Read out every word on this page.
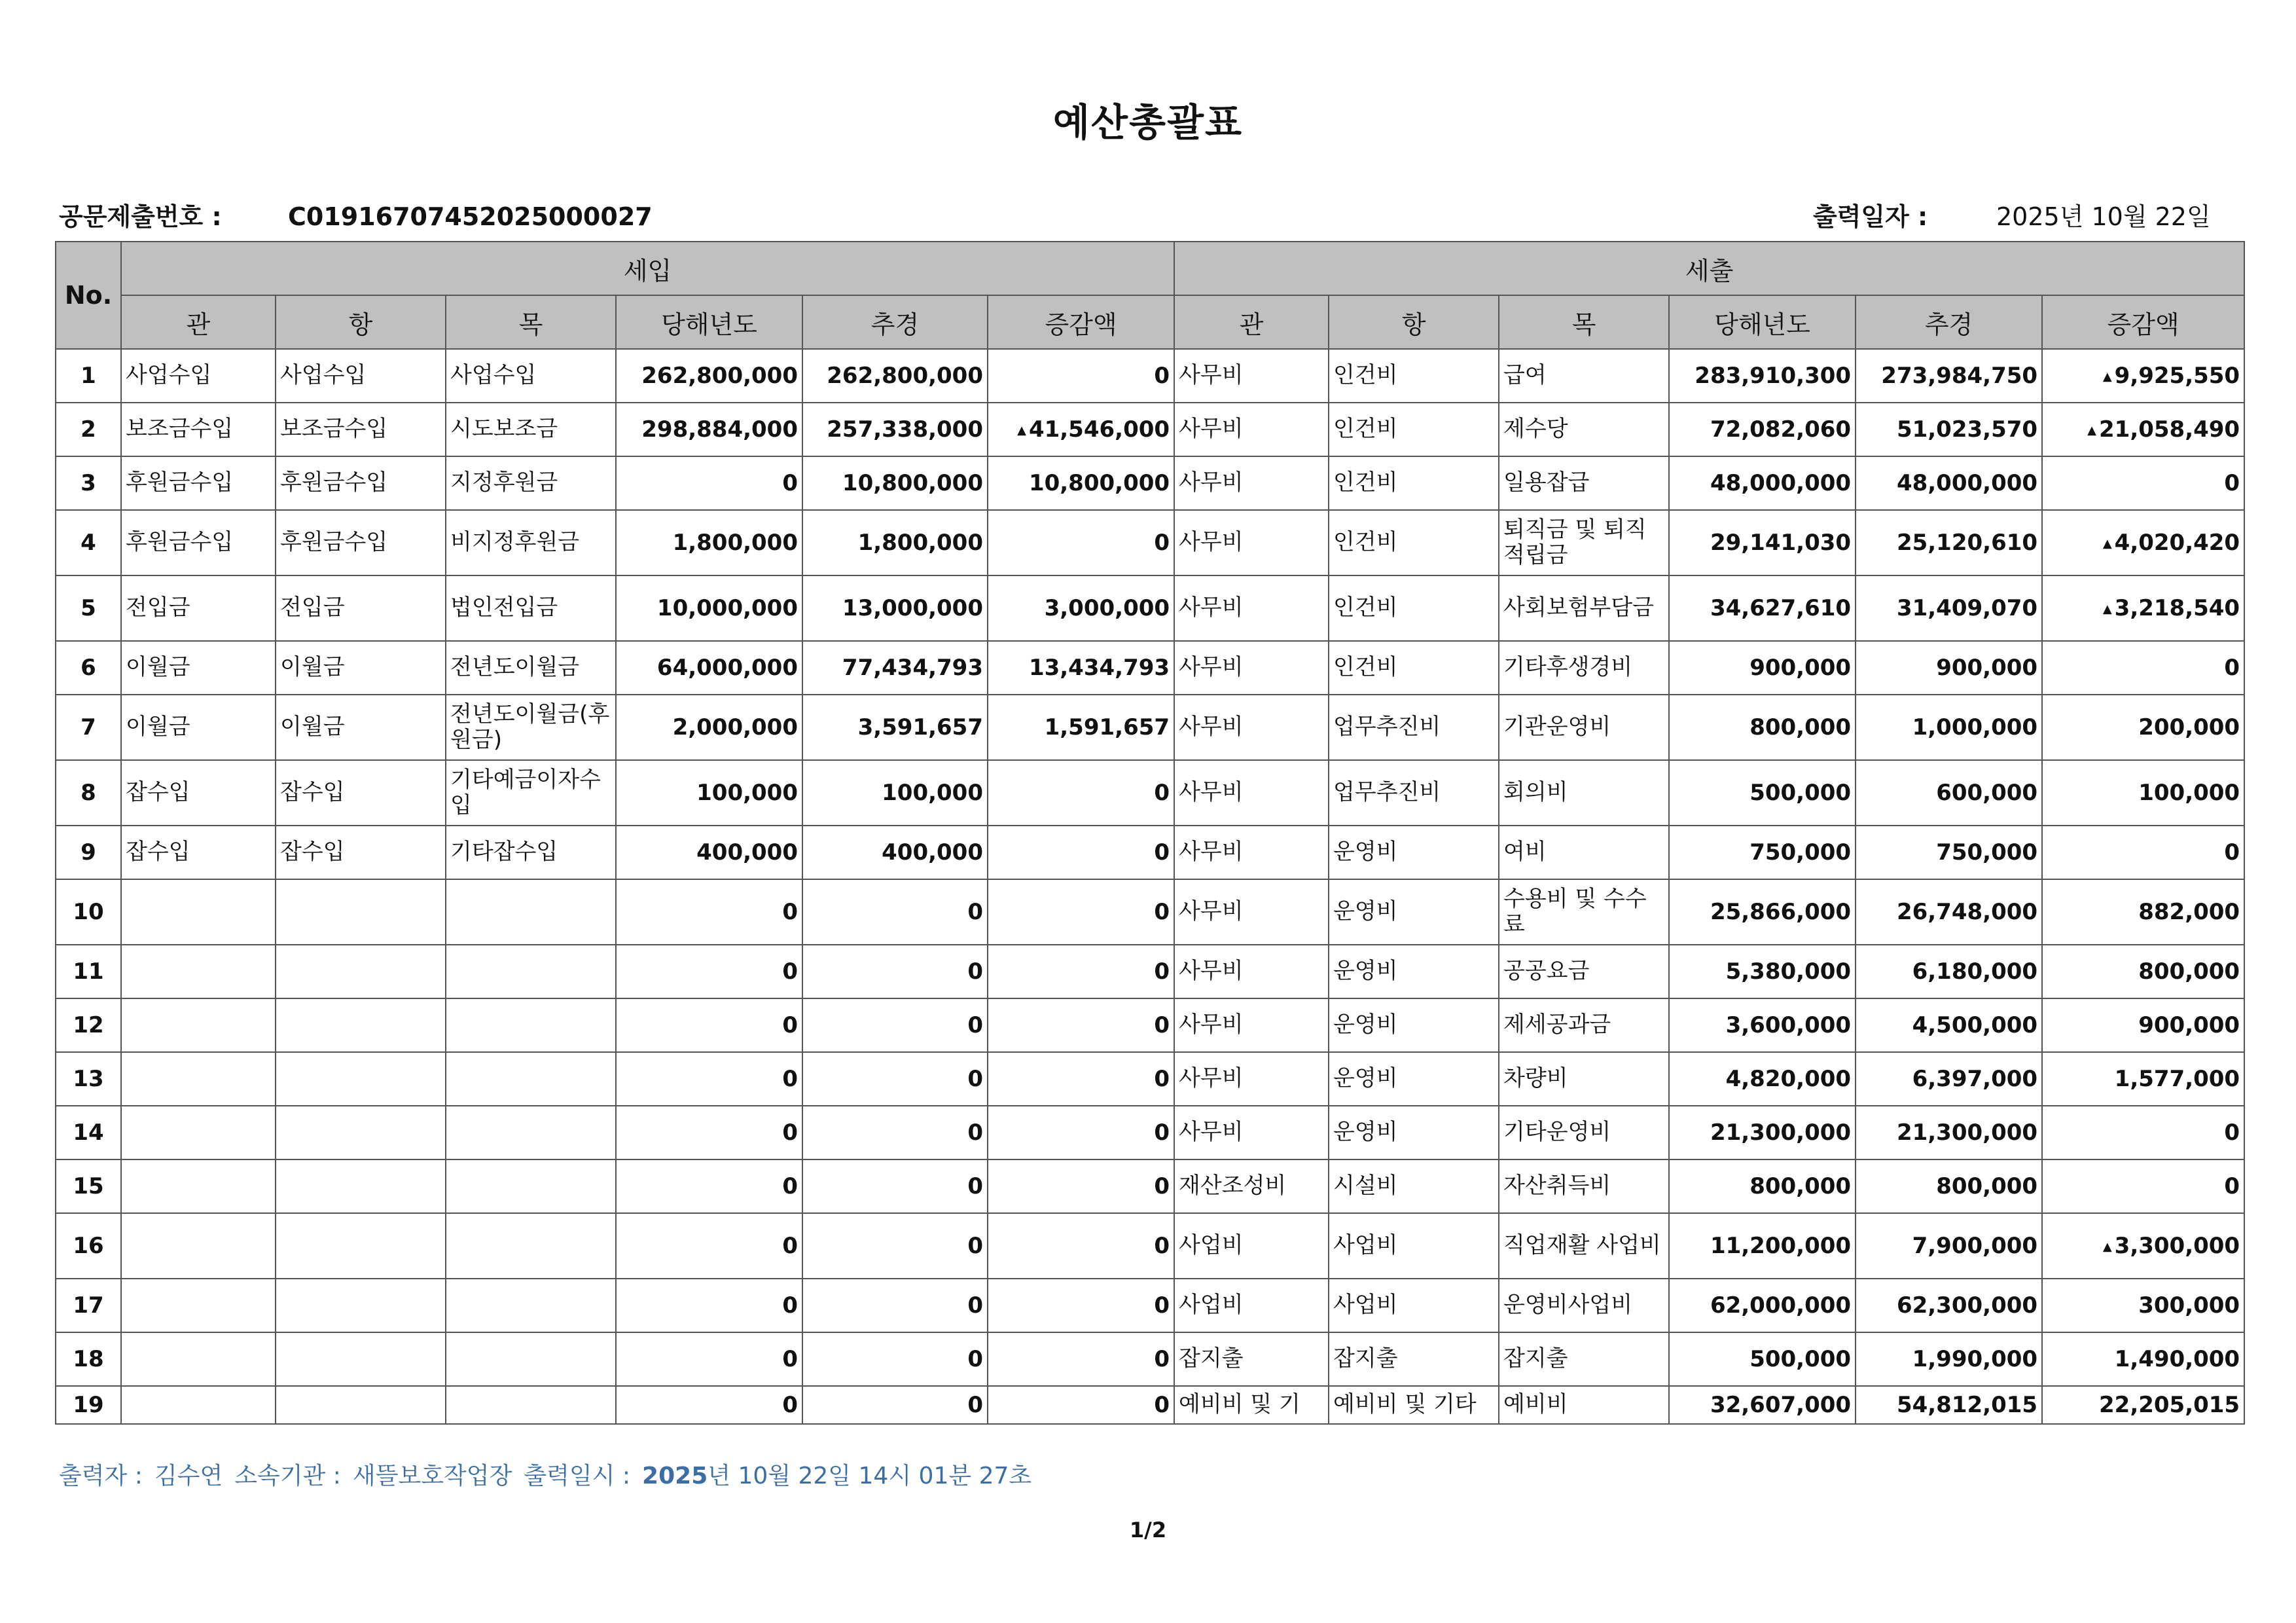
예산총괄표
공문제출번호 :	C01916707452025000027	출력일자 :	2025년 10월 22일
No.	세입						세출					
	관	항	목	당해년도	추경	증감액	관	항	목	당해년도	추경	증감액
1	사업수입	사업수입	사업수입	262,800,000	262,800,000	0	사무비	인건비	급여	283,910,300	273,984,750	▲ 9,925,550
2	보조금수입	보조금수입	시도보조금	298,884,000	257,338,000	▲ 41,546,000	사무비	인건비	제수당	72,082,060	51,023,570	▲ 21,058,490
3	후원금수입	후원금수입	지정후원금	0	10,800,000	10,800,000	사무비	인건비	일용잡급	48,000,000	48,000,000	0
4	후원금수입	후원금수입	비지정후원금	1,800,000	1,800,000	0	사무비	인건비	퇴직금 및 퇴직적립금	29,141,030	25,120,610	▲ 4,020,420
5	전입금	전입금	법인전입금	10,000,000	13,000,000	3,000,000	사무비	인건비	사회보험부담금	34,627,610	31,409,070	▲ 3,218,540
6	이월금	이월금	전년도이월금	64,000,000	77,434,793	13,434,793	사무비	인건비	기타후생경비	900,000	900,000	0
7	이월금	이월금	전년도이월금(후원금)	2,000,000	3,591,657	1,591,657	사무비	업무추진비	기관운영비	800,000	1,000,000	200,000
8	잡수입	잡수입	기타예금이자수입	100,000	100,000	0	사무비	업무추진비	회의비	500,000	600,000	100,000
9	잡수입	잡수입	기타잡수입	400,000	400,000	0	사무비	운영비	여비	750,000	750,000	0
10				0	0	0	사무비	운영비	수용비 및 수수료	25,866,000	26,748,000	882,000
11				0	0	0	사무비	운영비	공공요금	5,380,000	6,180,000	800,000
12				0	0	0	사무비	운영비	제세공과금	3,600,000	4,500,000	900,000
13				0	0	0	사무비	운영비	차량비	4,820,000	6,397,000	1,577,000
14				0	0	0	사무비	운영비	기타운영비	21,300,000	21,300,000	0
15				0	0	0	재산조성비	시설비	자산취득비	800,000	800,000	0
16				0	0	0	사업비	사업비	직업재활 사업비	11,200,000	7,900,000	▲ 3,300,000
17				0	0	0	사업비	사업비	운영비사업비	62,000,000	62,300,000	300,000
18				0	0	0	잡지출	잡지출	잡지출	500,000	1,990,000	1,490,000
19				0	0	0	예비비 및 기	예비비 및 기타	예비비	32,607,000	54,812,015	22,205,015
출력자 : 김수연 소속기관 : 새뜰보호작업장 출력일시 : 2025년 10월 22일 14시 01분 27초
1/2
